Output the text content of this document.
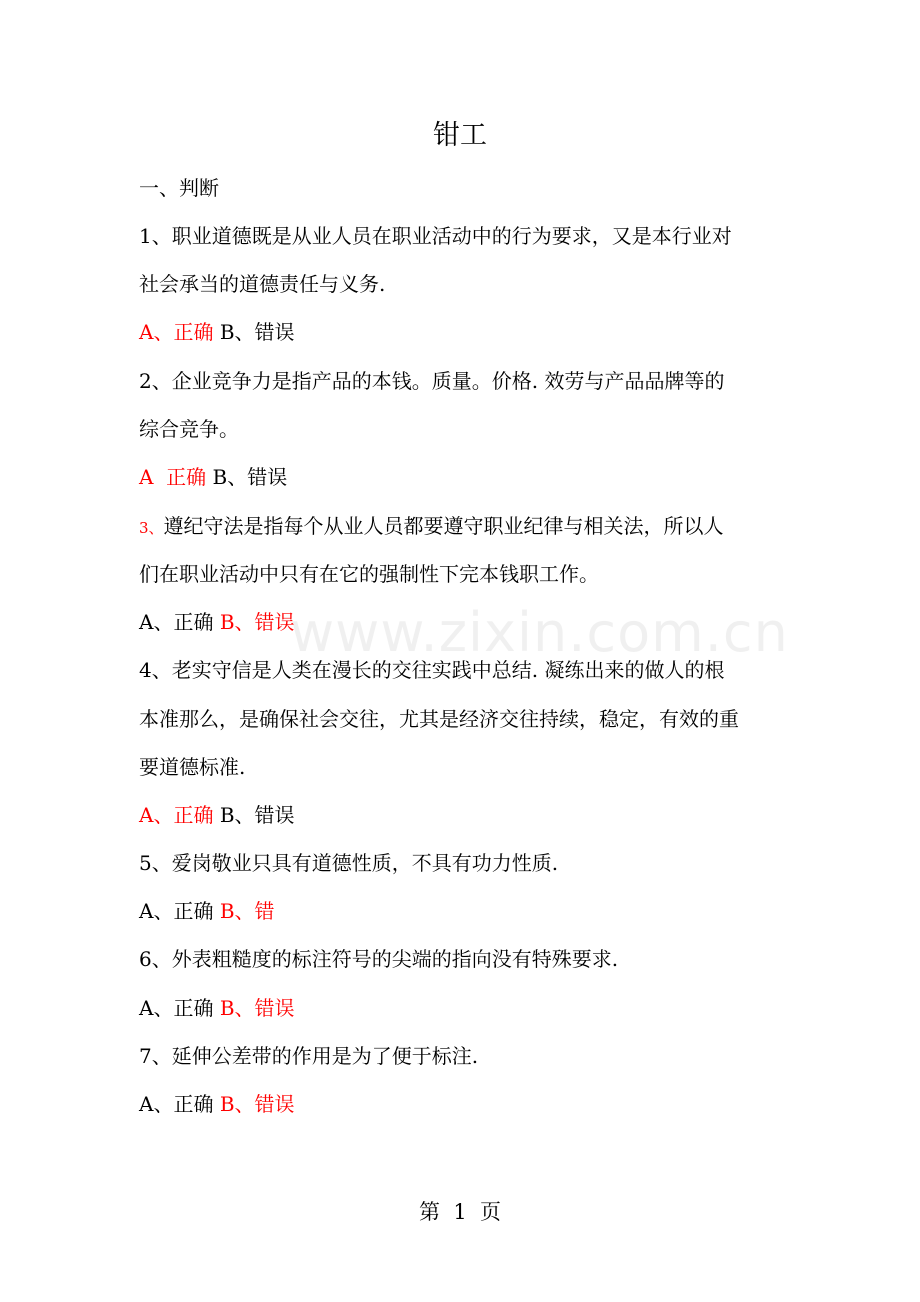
www.zixin.com.cn
钳工
一、判断
1、职业道德既是从业人员在职业活动中的行为要求，又是本行业对
社会承当的道德责任与义务.
A、正确 B、错误
2、企业竞争力是指产品的本钱。质量。价格. 效劳与产品品牌等的
综合竞争。
A  正确 B、错误
3、遵纪守法是指每个从业人员都要遵守职业纪律与相关法，所以人
们在职业活动中只有在它的强制性下完本钱职工作。
A、正确 B、错误
4、老实守信是人类在漫长的交往实践中总结. 凝练出来的做人的根
本准那么，是确保社会交往，尤其是经济交往持续，稳定，有效的重
要道德标准.
A、正确 B、错误
5、爱岗敬业只具有道德性质，不具有功力性质.
A、正确 B、错
6、外表粗糙度的标注符号的尖端的指向没有特殊要求.
A、正确 B、错误
7、延伸公差带的作用是为了便于标注.
A、正确 B、错误
第  1  页
